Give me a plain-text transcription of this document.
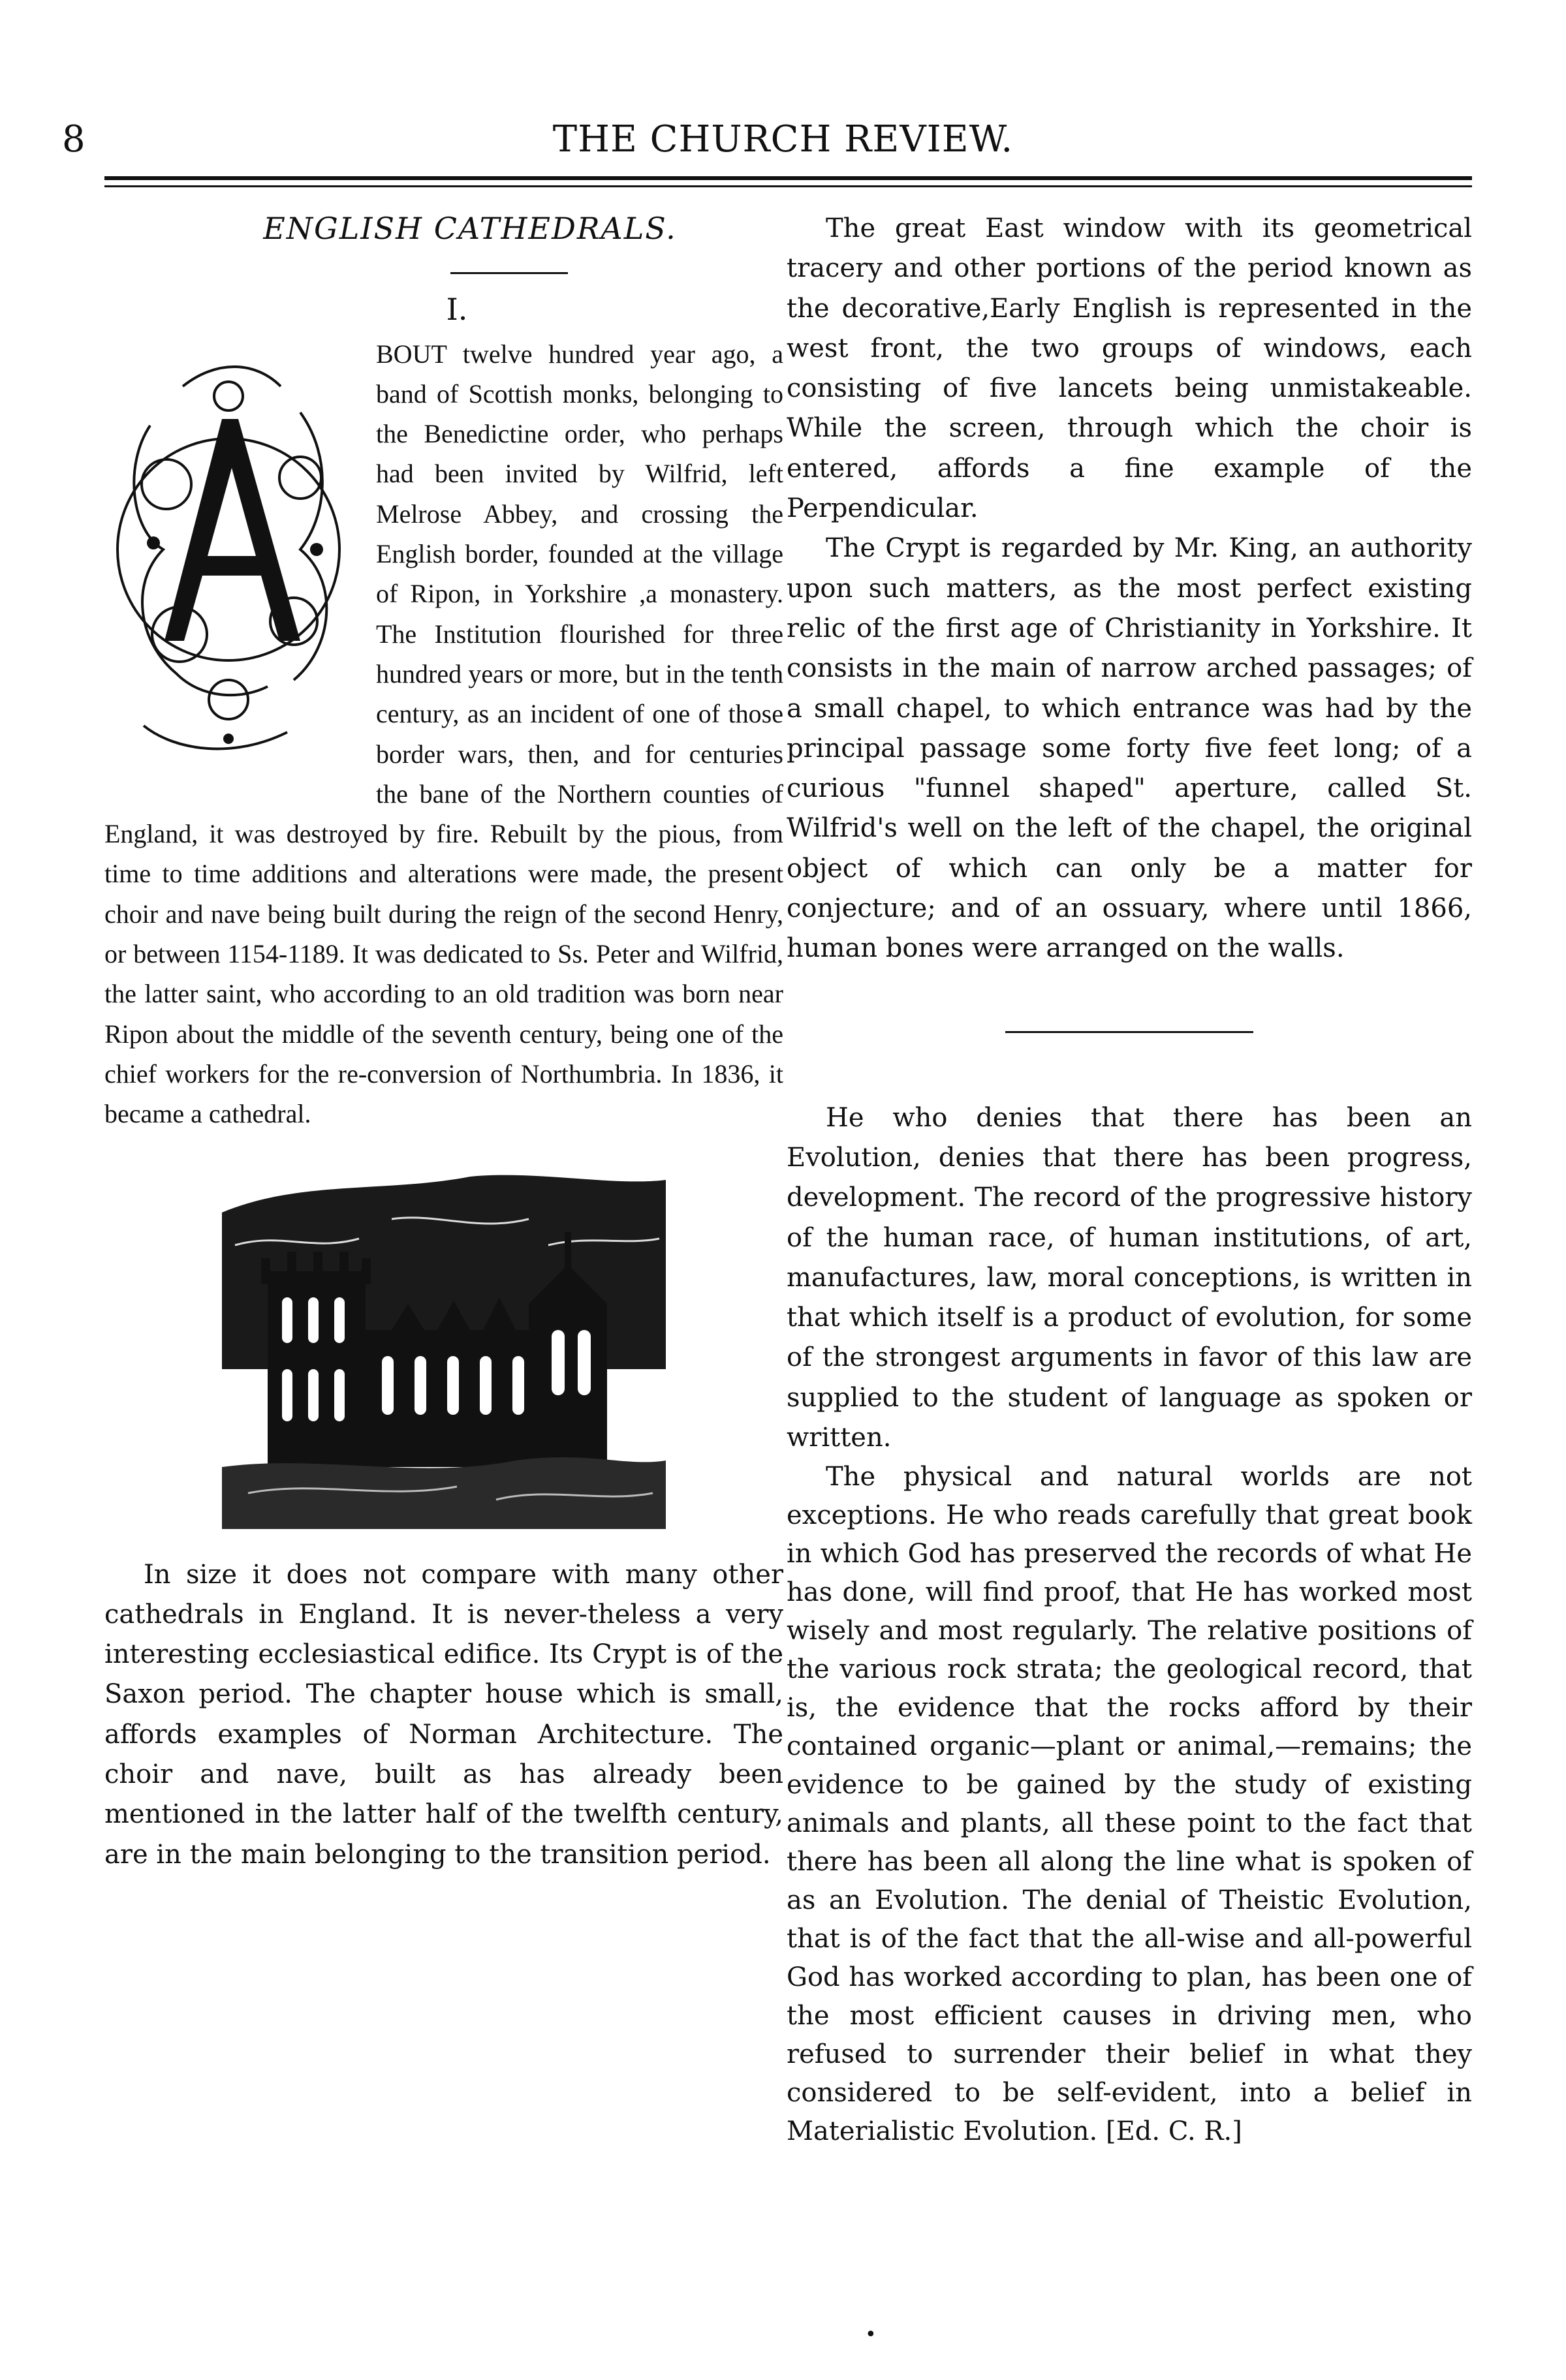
8	THE CHURCH REVIEW.
ENGLISH CATHEDRALS.
I.

BOUT twelve hundred year ago, a band of Scottish monks, belonging to the Benedictine order, who perhaps had been invited by Wilfrid, left Melrose Abbey, and crossing the English border, founded at the village of Ripon, in Yorkshire ,a monastery. The Institution flourished for three hundred years or more, but in the tenth century, as an incident of one of those border wars, then, and for centuries the bane of the Northern counties of England, it was destroyed by fire. Rebuilt by the pious, from time to time additions and alterations were made, the present choir and nave being built during the reign of the second Henry, or between 1154-1189. It was dedicated to Ss. Peter and Wilfrid, the latter saint, who according to an old tradition was born near Ripon about the middle of the seventh century, being one of the chief workers for the re-conversion of Northumbria. In 1836, it became a cathedral.

In size it does not compare with many other cathedrals in England. It is never-theless a very interesting ecclesiastical edifice. Its Crypt is of the Saxon period. The chapter house which is small, affords examples of Norman Architecture. The choir and nave, built as has already been mentioned in the latter half of the twelfth century, are in the main belonging to the transition period.

The great East window with its geometrical tracery and other portions of the period known as the decorative,Early English is represented in the west front, the two groups of windows, each consisting of five lancets being unmistakeable. While the screen, through which the choir is entered, affords a fine example of the Perpendicular.

The Crypt is regarded by Mr. King, an authority upon such matters, as the most perfect existing relic of the first age of Christianity in Yorkshire. It consists in the main of narrow arched passages; of a small chapel, to which entrance was had by the principal passage some forty five feet long; of a curious "funnel shaped" aperture, called St. Wilfrid's well on the left of the chapel, the original object of which can only be a matter for conjecture; and of an ossuary, where until 1866, human bones were arranged on the walls.

He who denies that there has been an Evolution, denies that there has been progress, development. The record of the progressive history of the human race, of human institutions, of art, manufactures, law, moral conceptions, is written in that which itself is a product of evolution, for some of the strongest arguments in favor of this law are supplied to the student of language as spoken or written.

The physical and natural worlds are not exceptions. He who reads carefully that great book in which God has preserved the records of what He has done, will find proof, that He has worked most wisely and most regularly. The relative positions of the various rock strata; the geological record, that is, the evidence that the rocks afford by their contained organic—plant or animal,—remains; the evidence to be gained by the study of existing animals and plants, all these point to the fact that there has been all along the line what is spoken of as an Evolution. The denial of Theistic Evolution, that is of the fact that the all-wise and all-powerful God has worked according to plan, has been one of the most efficient causes in driving men, who refused to surrender their belief in what they considered to be self-evident, into a belief in Materialistic Evolution. [Ed. C. R.]

•
